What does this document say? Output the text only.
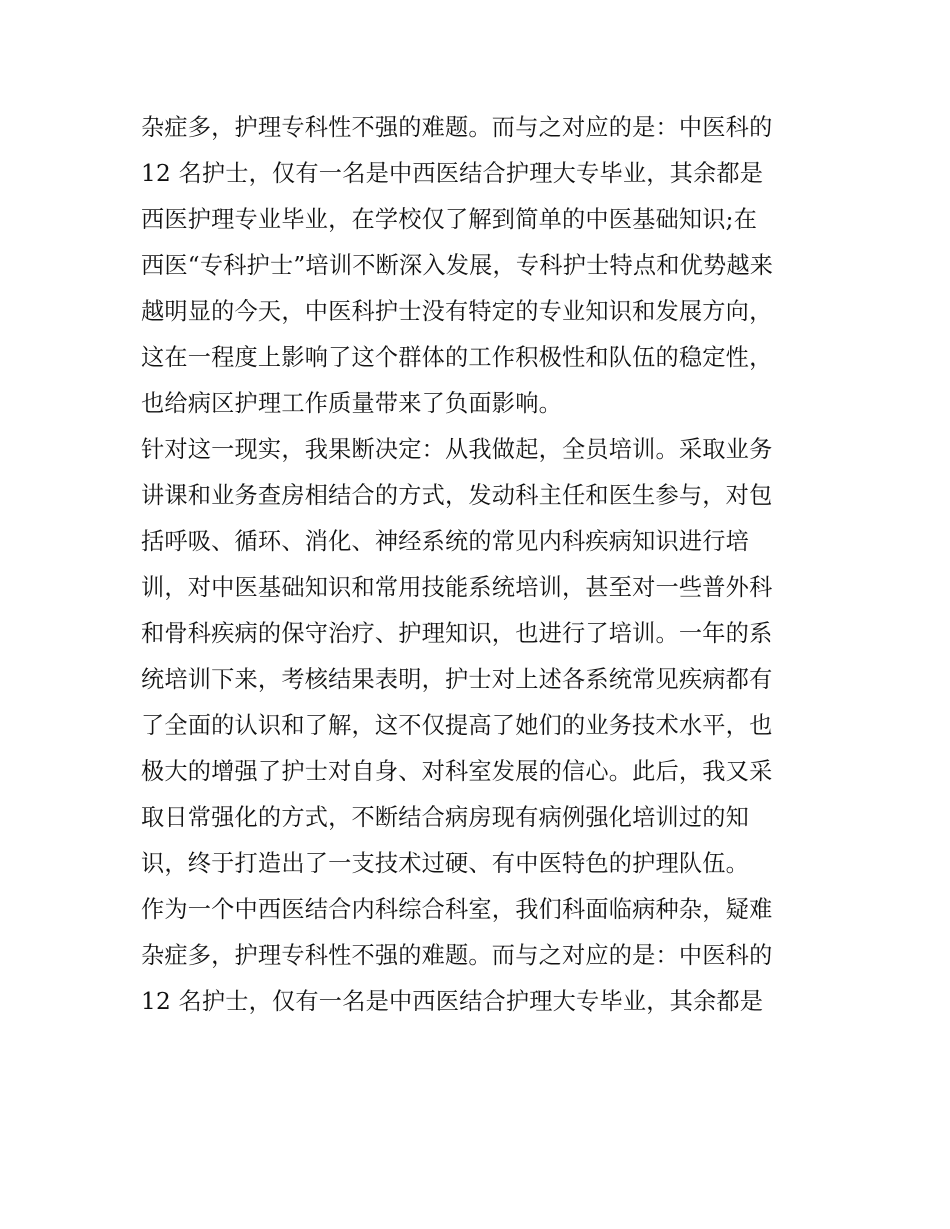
杂症多，护理专科性不强的难题。而与之对应的是：中医科的
12 名护士，仅有一名是中西医结合护理大专毕业，其余都是
西医护理专业毕业，在学校仅了解到简单的中医基础知识;在
西医“专科护士”培训不断深入发展，专科护士特点和优势越来
越明显的今天，中医科护士没有特定的专业知识和发展方向，
这在一程度上影响了这个群体的工作积极性和队伍的稳定性，
也给病区护理工作质量带来了负面影响。
针对这一现实，我果断决定：从我做起，全员培训。采取业务
讲课和业务查房相结合的方式，发动科主任和医生参与，对包
括呼吸、循环、消化、神经系统的常见内科疾病知识进行培
训，对中医基础知识和常用技能系统培训，甚至对一些普外科
和骨科疾病的保守治疗、护理知识，也进行了培训。一年的系
统培训下来，考核结果表明，护士对上述各系统常见疾病都有
了全面的认识和了解，这不仅提高了她们的业务技术水平，也
极大的增强了护士对自身、对科室发展的信心。此后，我又采
取日常强化的方式，不断结合病房现有病例强化培训过的知
识，终于打造出了一支技术过硬、有中医特色的护理队伍。
作为一个中西医结合内科综合科室，我们科面临病种杂，疑难
杂症多，护理专科性不强的难题。而与之对应的是：中医科的
12 名护士，仅有一名是中西医结合护理大专毕业，其余都是
